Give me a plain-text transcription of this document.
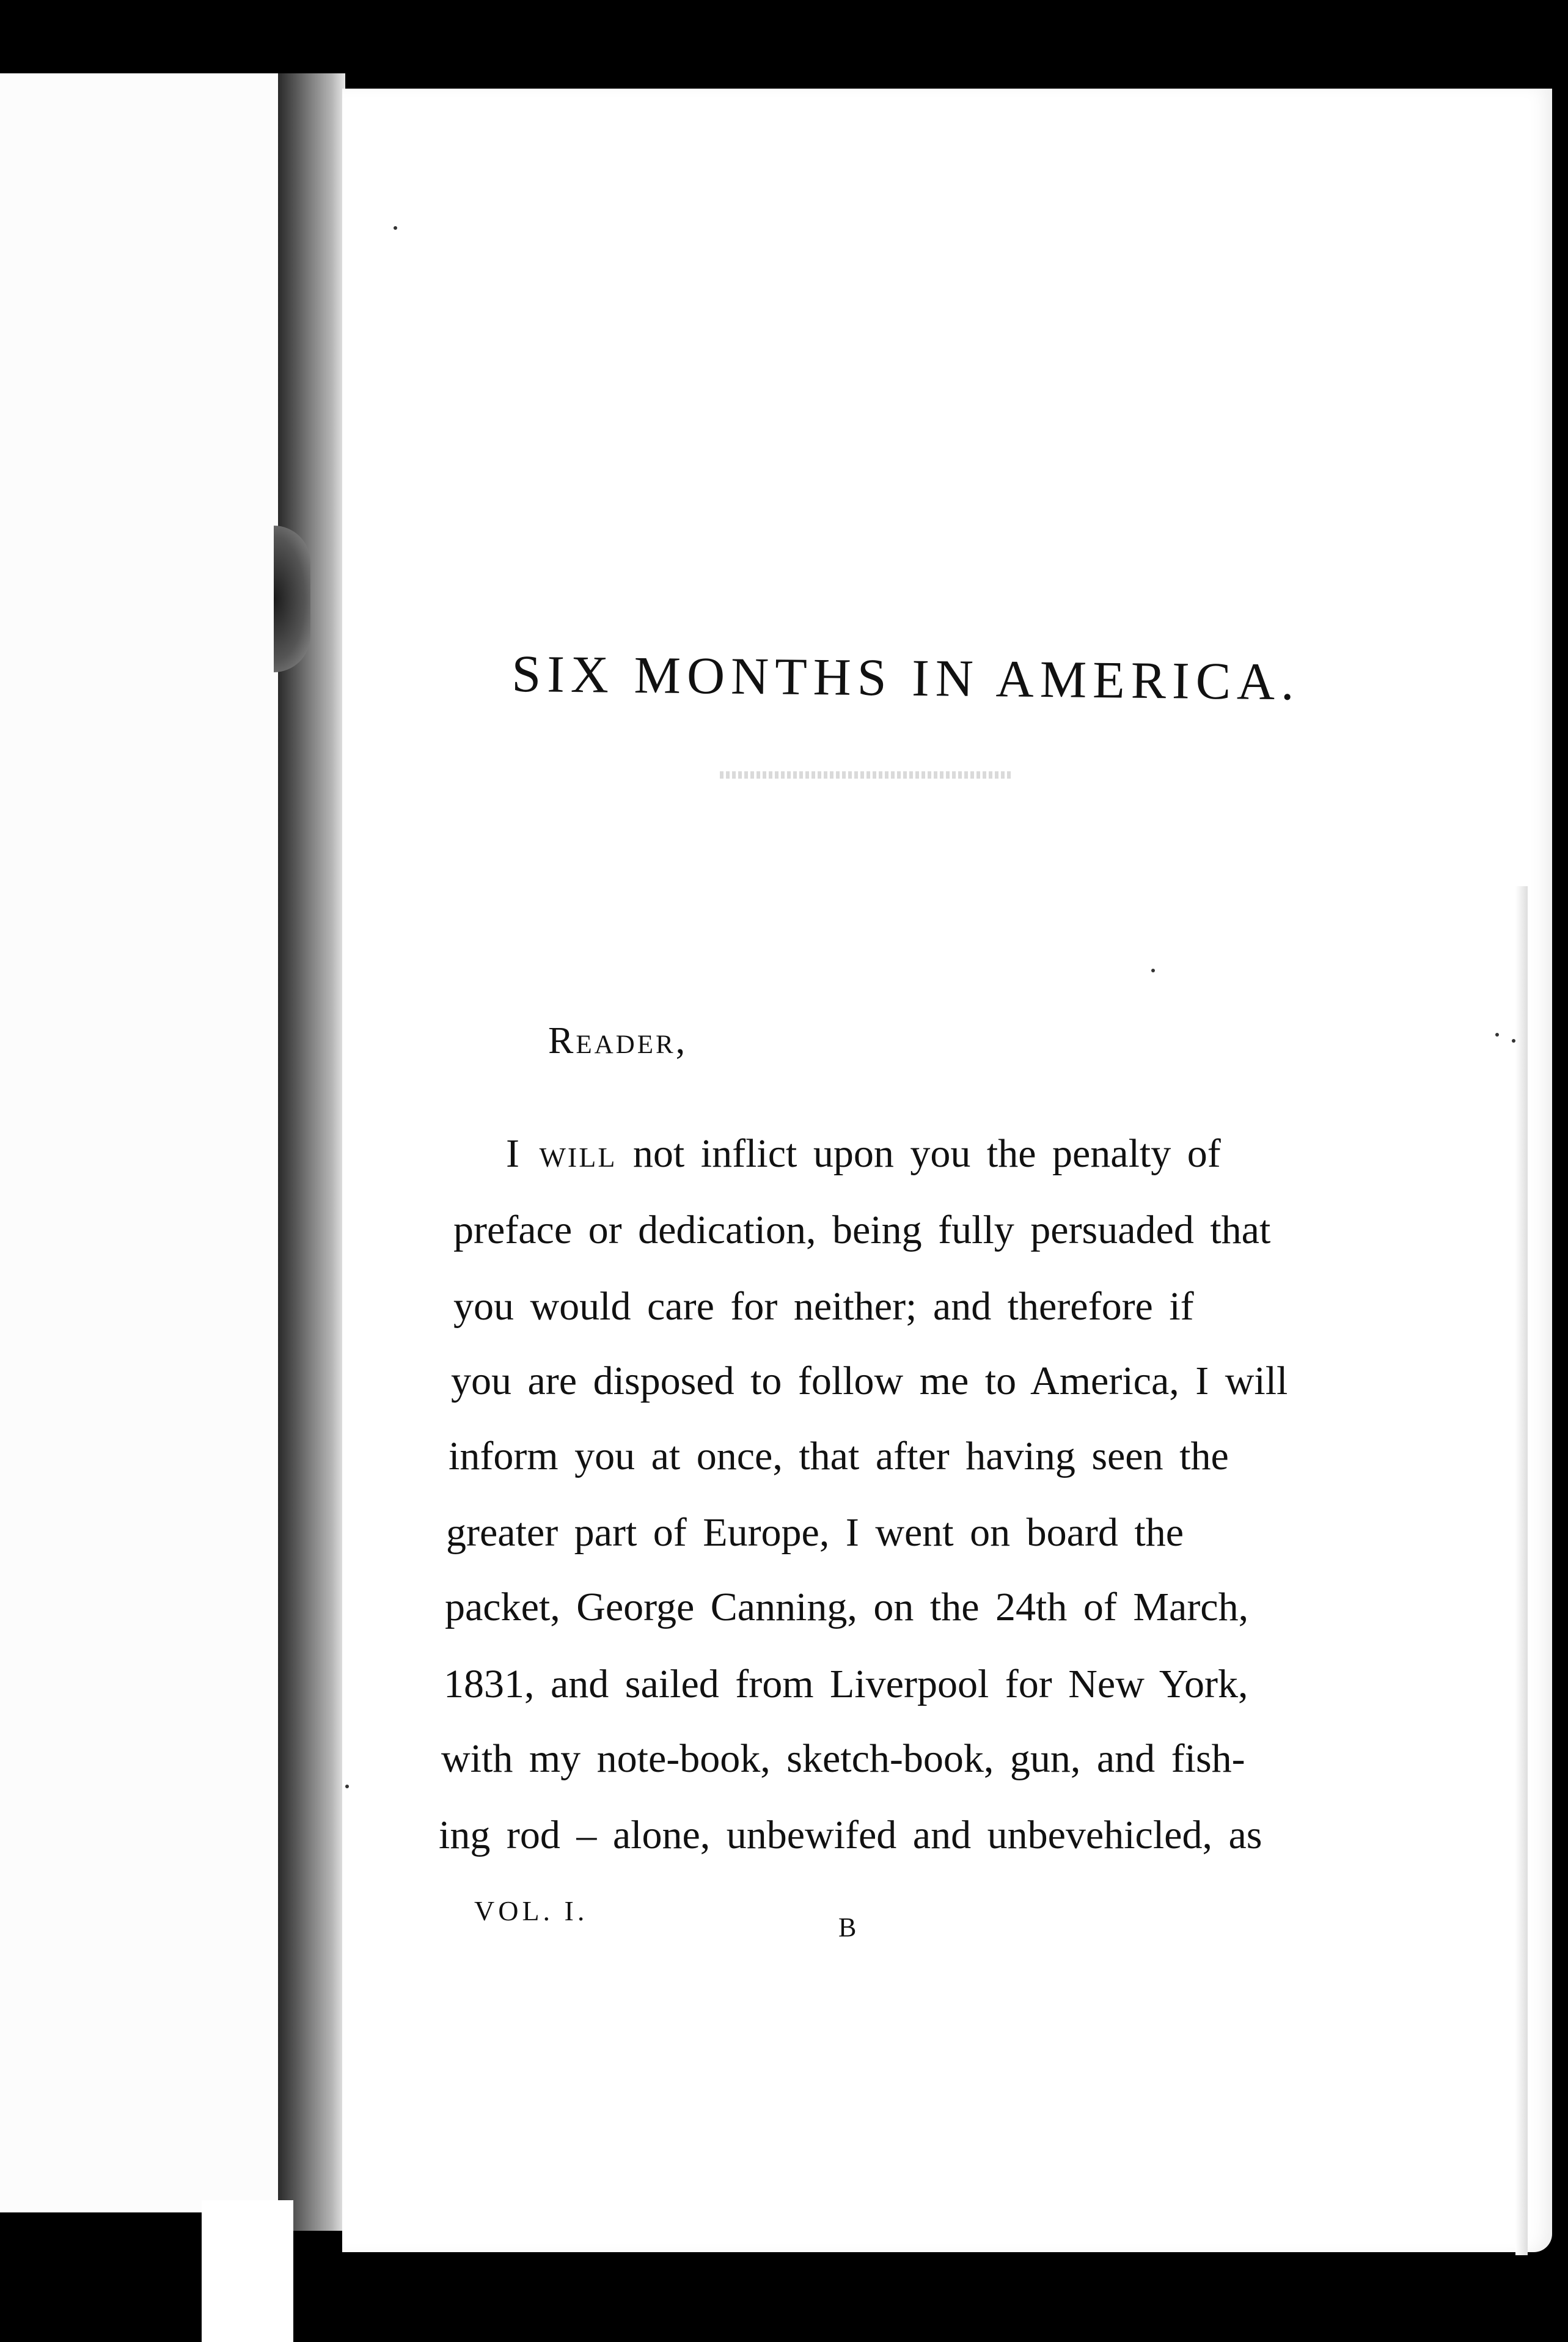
SIX MONTHS IN AMERICA.
Reader,
I will not inflict upon you the penalty of
preface or dedication, being fully persuaded that
you would care for neither; and therefore if
you are disposed to follow me to America, I will
inform you at once, that after having seen the
greater part of Europe, I went on board the
packet, George Canning, on the 24th of March,
1831, and sailed from Liverpool for New York,
with my note-book, sketch-book, gun, and fish-
ing rod – alone, unbewifed and unbevehicled, as
VOL. I.
B
